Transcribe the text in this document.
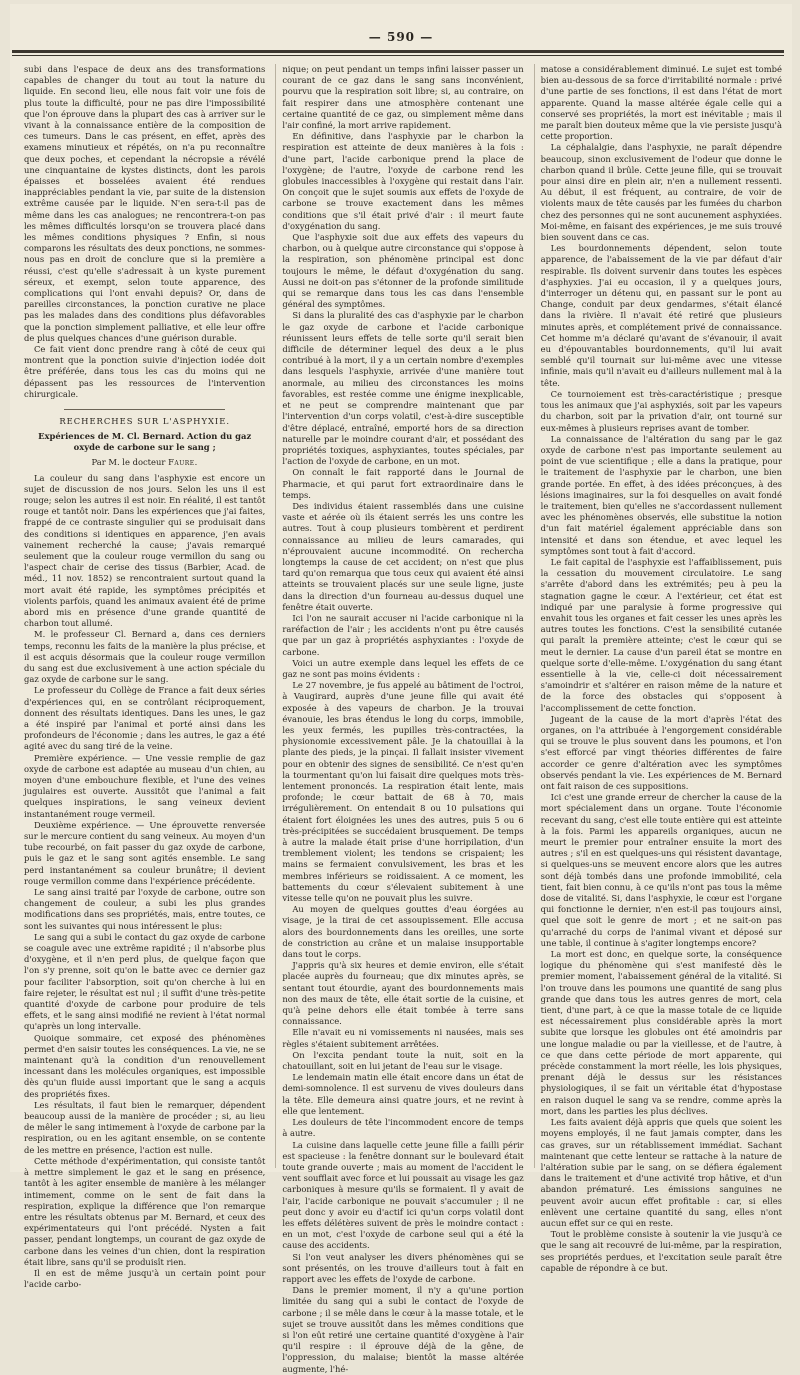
— 590 —

subi dans l'espace de deux ans des transformations capables de changer du tout au tout la nature du liquide. En second lieu, elle nous fait voir une fois de plus toute la difficulté, pour ne pas dire l'impossibilité que l'on éprouve dans la plupart des cas à arriver sur le vivant à la connaissance entière de la composition de ces tumeurs. Dans le cas présent, en effet, après des examens minutieux et répétés, on n'a pu reconnaître que deux poches, et cependant la nécropsie a révélé une cinquantaine de kystes distincts, dont les parois épaisses et bosselées avaient été rendues inappréciables pendant la vie, par suite de la distension extrême causée par le liquide. N'en sera-t-il pas de même dans les cas analogues; ne rencontrera-t-on pas les mêmes difficultés lorsqu'on se trouvera placé dans les mêmes conditions physiques ? Enfin, si nous comparons les résultats des deux ponctions, ne sommes-nous pas en droit de conclure que si la première a réussi, c'est qu'elle s'adressait à un kyste purement séreux, et exempt, selon toute apparence, des complications qui l'ont envahi depuis? Or, dans de pareilles circonstances, la ponction curative ne place pas les malades dans des conditions plus défavorables que la ponction simplement palliative, et elle leur offre de plus quelques chances d'une guérison durable.

Ce fait vient donc prendre rang à côté de ceux qui montrent que la ponction suivie d'injection iodée doit être préférée, dans tous les cas du moins qui ne dépassent pas les ressources de l'intervention chirurgicale.

RECHERCHES SUR L'ASPHYXIE.
Expériences de M. Cl. Bernard. Action du gaz oxyde de carbone sur le sang ;
Par M. le docteur Faure.

La couleur du sang dans l'asphyxie est encore un sujet de discussion de nos jours. Selon les uns il est rouge; selon les autres il est noir. En réalité, il est tantôt rouge et tantôt noir. Dans les expériences que j'ai faites, frappé de ce contraste singulier qui se produisait dans des conditions si identiques en apparence, j'en avais vainement recherché la cause; j'avais remarqué seulement que la couleur rouge vermillon du sang ou l'aspect chair de cerise des tissus (Barbier, Acad. de méd., 11 nov. 1852) se rencontraient surtout quand la mort avait été rapide, les symptômes précipités et violents parfois, quand les animaux avaient été de prime abord mis en présence d'une grande quantité de charbon tout allumé.

M. le professeur Cl. Bernard a, dans ces derniers temps, reconnu les faits de la manière la plus précise, et il est acquis désormais que la couleur rouge vermillon du sang est due exclusivement à une action spéciale du gaz oxyde de carbone sur le sang.

Le professeur du Collège de France a fait deux séries d'expériences qui, en se contrôlant réciproquement, donnent des résultats identiques. Dans les unes, le gaz a été inspiré par l'animal et porté ainsi dans les profondeurs de l'économie ; dans les autres, le gaz a été agité avec du sang tiré de la veine.

Première expérience. — Une vessie remplie de gaz oxyde de carbone est adaptée au museau d'un chien, au moyen d'une embouchure flexible, et l'une des veines jugulaires est ouverte. Aussitôt que l'animal a fait quelques inspirations, le sang veineux devient instantanément rouge vermeil.

Deuxième expérience. — Une éprouvette renversée sur le mercure contient du sang veineux. Au moyen d'un tube recourbé, on fait passer du gaz oxyde de carbone, puis le gaz et le sang sont agités ensemble. Le sang perd instantanément sa couleur brunâtre; il devient rouge vermillon comme dans l'expérience précédente.

Le sang ainsi traité par l'oxyde de carbone, outre son changement de couleur, a subi les plus grandes modifications dans ses propriétés, mais, entre toutes, ce sont les suivantes qui nous intéressent le plus:

Le sang qui a subi le contact du gaz oxyde de carbone se coagule avec une extrême rapidité ; il n'absorbe plus d'oxygène, et il n'en perd plus, de quelque façon que l'on s'y prenne, soit qu'on le batte avec ce dernier gaz pour faciliter l'absorption, soit qu'on cherche à lui en faire rejeter, le résultat est nul ; il suffit d'une très-petite quantité d'oxyde de carbone pour produire de tels effets, et le sang ainsi modifié ne revient à l'état normal qu'après un long intervalle.

Quoique sommaire, cet exposé des phénomènes permet d'en saisir toutes les conséquences. La vie, ne se maintenant qu'à la condition d'un renouvellement incessant dans les molécules organiques, est impossible dès qu'un fluide aussi important que le sang a acquis des propriétés fixes.

Les résultats, il faut bien le remarquer, dépendent beaucoup aussi de la manière de procéder ; si, au lieu de mêler le sang intimement à l'oxyde de carbone par la respiration, ou en les agitant ensemble, on se contente de les mettre en présence, l'action est nulle.

Cette méthode d'expérimentation, qui consiste tantôt à mettre simplement le gaz et le sang en présence, tantôt à les agiter ensemble de manière à les mélanger intimement, comme on le sent de fait dans la respiration, explique la différence que l'on remarque entre les résultats obtenus par M. Bernard, et ceux des expérimentateurs qui l'ont précédé. Nysten a fait passer, pendant longtemps, un courant de gaz oxyde de carbone dans les veines d'un chien, dont la respiration était libre, sans qu'il se produisît rien.

Il en est de même jusqu'à un certain point pour l'acide carbo-

nique; on peut pendant un temps infini laisser passer un courant de ce gaz dans le sang sans inconvénient, pourvu que la respiration soit libre; si, au contraire, on fait respirer dans une atmosphère contenant une certaine quantité de ce gaz, ou simplement même dans l'air confiné, la mort arrive rapidement.

En définitive, dans l'asphyxie par le charbon la respiration est atteinte de deux manières à la fois : d'une part, l'acide carbonique prend la place de l'oxygène; de l'autre, l'oxyde de carbone rend les globules inaccessibles à l'oxygène qui restait dans l'air. On conçoit que le sujet soumis aux effets de l'oxyde de carbone se trouve exactement dans les mêmes conditions que s'il était privé d'air : il meurt faute d'oxygénation du sang.

Que l'asphyxie soit due aux effets des vapeurs du charbon, ou à quelque autre circonstance qui s'oppose à la respiration, son phénomène principal est donc toujours le même, le défaut d'oxygénation du sang. Aussi ne doit-on pas s'étonner de la profonde similitude qui se remarque dans tous les cas dans l'ensemble général des symptômes.

Si dans la pluralité des cas d'asphyxie par le charbon le gaz oxyde de carbone et l'acide carbonique réunissent leurs effets de telle sorte qu'il serait bien difficile de déterminer lequel des deux a le plus contribué à la mort, il y a un certain nombre d'exemples dans lesquels l'asphyxie, arrivée d'une manière tout anormale, au milieu des circonstances les moins favorables, est restée comme une énigme inexplicable, et ne peut se comprendre maintenant que par l'intervention d'un corps volatil, c'est-à-dire susceptible d'être déplacé, entraîné, emporté hors de sa direction naturelle par le moindre courant d'air, et possédant des propriétés toxiques, asphyxiantes, toutes spéciales, par l'action de l'oxyde de carbone, en un mot.

On connaît le fait rapporté dans le Journal de Pharmacie, et qui parut fort extraordinaire dans le temps.

Des individus étaient rassemblés dans une cuisine vaste et aérée où ils étaient serrés les uns contre les autres. Tout à coup plusieurs tombèrent et perdirent connaissance au milieu de leurs camarades, qui n'éprouvaient aucune incommodité. On rechercha longtemps la cause de cet accident; on n'est que plus tard qu'on remarqua que tous ceux qui avaient été ainsi atteints se trouvaient placés sur une seule ligne, juste dans la direction d'un fourneau au-dessus duquel une fenêtre était ouverte.

Ici l'on ne saurait accuser ni l'acide carbonique ni la raréfaction de l'air ; les accidents n'ont pu être causés que par un gaz à propriétés asphyxiantes : l'oxyde de carbone.

Voici un autre exemple dans lequel les effets de ce gaz ne sont pas moins évidents :

Le 27 novembre, je fus appelé au bâtiment de l'octroi, à Vaugirard, auprès d'une jeune fille qui avait été exposée à des vapeurs de charbon. Je la trouvai évanouie, les bras étendus le long du corps, immobile, les yeux fermés, les pupilles très-contractées, la physionomie excessivement pâle. Je la chatouillai à la plante des pieds, je la pinçai. Il fallait insister vivement pour en obtenir des signes de sensibilité. Ce n'est qu'en la tourmentant qu'on lui faisait dire quelques mots très-lentement prononcés. La respiration était lente, mais profonde; le cœur battait de 68 à 70, mais irrégulièrement. On entendait 8 ou 10 pulsations qui étaient fort éloignées les unes des autres, puis 5 ou 6 très-précipitées se succédaient brusquement. De temps à autre la malade était prise d'une horripilation, d'un tremblement violent; les tendons se crispaient; les mains se fermaient convulsivement, les bras et les membres inférieurs se roidissaient. A ce moment, les battements du cœur s'élevaient subitement à une vitesse telle qu'on ne pouvait plus les suivre.

Au moyen de quelques gouttes d'eau éorgées au visage, je la tirai de cet assoupissement. Elle accusa alors des bourdonnements dans les oreilles, une sorte de constriction au crâne et un malaise insupportable dans tout le corps.

J'appris qu'à six heures et demie environ, elle s'était placée auprès du fourneau; que dix minutes après, se sentant tout étourdie, ayant des bourdonnements mais non des maux de tête, elle était sortie de la cuisine, et qu'à peine dehors elle était tombée à terre sans connaissance.

Elle n'avait eu ni vomissements ni nausées, mais ses règles s'étaient subitement arrêtées.

On l'excita pendant toute la nuit, soit en la chatouillant, soit en lui jetant de l'eau sur le visage.

Le lendemain matin elle était encore dans un état de demi-somnolence. Il est survenu de vives douleurs dans la tête. Elle demeura ainsi quatre jours, et ne revint à elle que lentement.

Les douleurs de tête l'incommodent encore de temps à autre.

La cuisine dans laquelle cette jeune fille a failli périr est spacieuse : la fenêtre donnant sur le boulevard était toute grande ouverte ; mais au moment de l'accident le vent soufflait avec force et lui poussait au visage les gaz carboniques à mesure qu'ils se formaient. Il y avait de l'air, l'acide carbonique ne pouvait s'accumuler ; il ne peut donc y avoir eu d'actif ici qu'un corps volatil dont les effets délétères suivent de près le moindre contact : en un mot, c'est l'oxyde de carbone seul qui a été la cause des accidents.

Si l'on veut analyser les divers phénomènes qui se sont présentés, on les trouve d'ailleurs tout à fait en rapport avec les effets de l'oxyde de carbone.

Dans le premier moment, il n'y a qu'une portion limitée du sang qui a subi le contact de l'oxyde de carbone ; il se mêle dans le cœur à la masse totale, et le sujet se trouve aussitôt dans les mêmes conditions que si l'on eût retiré une certaine quantité d'oxygène à l'air qu'il respire : il éprouve déjà de la gêne, de l'oppression, du malaise; bientôt la masse altérée augmente, l'hé-

matose a considérablement diminué. Le sujet est tombé bien au-dessous de sa force d'irritabilité normale : privé d'une partie de ses fonctions, il est dans l'état de mort apparente. Quand la masse altérée égale celle qui a conservé ses propriétés, la mort est inévitable ; mais il me paraît bien douteux même que la vie persiste jusqu'à cette proportion.

La céphalalgie, dans l'asphyxie, ne paraît dépendre beaucoup, sinon exclusivement de l'odeur que donne le charbon quand il brûle. Cette jeune fille, qui se trouvait pour ainsi dire en plein air, n'en a nullement ressenti. Au début, il est fréquent, au contraire, de voir de violents maux de tête causés par les fumées du charbon chez des personnes qui ne sont aucunement asphyxiées. Moi-même, en faisant des expériences, je me suis trouvé bien souvent dans ce cas.

Les bourdonnements dépendent, selon toute apparence, de l'abaissement de la vie par défaut d'air respirable. Ils doivent survenir dans toutes les espèces d'asphyxies. J'ai eu occasion, il y a quelques jours, d'interroger un détenu qui, en passant sur le pont au Change, conduit par deux gendarmes, s'était élancé dans la rivière. Il n'avait été retiré que plusieurs minutes après, et complétement privé de connaissance. Cet homme m'a déclaré qu'avant de s'évanouir, il avait eu d'épouvantables bourdonnements, qu'il lui avait semblé qu'il tournait sur lui-même avec une vitesse infinie, mais qu'il n'avait eu d'ailleurs nullement mal à la tête.

Ce tournoiement est très-caractéristique ; presque tous les animaux que j'ai asphyxiés, soit par les vapeurs du charbon, soit par la privation d'air, ont tourné sur eux-mêmes à plusieurs reprises avant de tomber.

La connaissance de l'altération du sang par le gaz oxyde de carbone n'est pas importante seulement au point de vue scientifique ; elle a dans la pratique, pour le traitement de l'asphyxie par le charbon, une bien grande portée. En effet, à des idées préconçues, à des lésions imaginaires, sur la foi desquelles on avait fondé le traitement, bien qu'elles ne s'accordassent nullement avec les phénomènes observés, elle substitue la notion d'un fait matériel également appréciable dans son intensité et dans son étendue, et avec lequel les symptômes sont tout à fait d'accord.

Le fait capital de l'asphyxie est l'affaiblissement, puis la cessation du mouvement circulatoire. Le sang s'arrête d'abord dans les extrémités; peu à peu la stagnation gagne le cœur. A l'extérieur, cet état est indiqué par une paralysie à forme progressive qui envahit tous les organes et fait cesser les unes après les autres toutes les fonctions. C'est la sensibilité cutanée qui paraît la première atteinte; c'est le cœur qui se meut le dernier. La cause d'un pareil état se montre en quelque sorte d'elle-même. L'oxygénation du sang étant essentielle à la vie, celle-ci doit nécessairement s'amoindrir et s'altérer en raison même de la nature et de la force des obstacles qui s'opposent à l'accomplissement de cette fonction.

Jugeant de la cause de la mort d'après l'état des organes, on l'a attribuée à l'engorgement considérable qui se trouve le plus souvent dans les poumons, et l'on s'est efforcé par vingt théories différentes de faire accorder ce genre d'altération avec les symptômes observés pendant la vie. Les expériences de M. Bernard ont fait raison de ces suppositions.

Ici c'est une grande erreur de chercher la cause de la mort spécialement dans un organe. Toute l'économie recevant du sang, c'est elle toute entière qui est atteinte à la fois. Parmi les appareils organiques, aucun ne meurt le premier pour entraîner ensuite la mort des autres ; s'il en est quelques-uns qui résistent davantage, si quelques-uns se meuvent encore alors que les autres sont déjà tombés dans une profonde immobilité, cela tient, fait bien connu, à ce qu'ils n'ont pas tous la même dose de vitalité. Si, dans l'asphyxie, le cœur est l'organe qui fonctionne le dernier, n'en est-il pas toujours ainsi, quel que soit le genre de mort ; et ne sait-on pas qu'arraché du corps de l'animal vivant et déposé sur une table, il continue à s'agiter longtemps encore?

La mort est donc, en quelque sorte, la conséquence logique du phénomène qui s'est manifesté dès le premier moment, l'abaissement général de la vitalité. Si l'on trouve dans les poumons une quantité de sang plus grande que dans tous les autres genres de mort, cela tient, d'une part, à ce que la masse totale de ce liquide est nécessairement plus considérable après la mort subite que lorsque les globules ont été amoindris par une longue maladie ou par la vieillesse, et de l'autre, à ce que dans cette période de mort apparente, qui précède constamment la mort réelle, les lois physiques, prenant déjà le dessus sur les résistances physiologiques, il se fait un véritable état d'hypostase en raison duquel le sang va se rendre, comme après la mort, dans les parties les plus déclives.

Les faits avaient déjà appris que quels que soient les moyens employés, il ne faut jamais compter, dans les cas graves, sur un rétablissement immédiat. Sachant maintenant que cette lenteur se rattache à la nature de l'altération subie par le sang, on se défiera également dans le traitement et d'une activité trop hâtive, et d'un abandon prématuré. Les émissions sanguines ne peuvent avoir aucun effet profitable : car, si elles enlèvent une certaine quantité du sang, elles n'ont aucun effet sur ce qui en reste.

Tout le problème consiste à soutenir la vie jusqu'à ce que le sang ait recouvré de lui-même, par la respiration, ses propriétés perdues, et l'excitation seule paraît être capable de répondre à ce but.
